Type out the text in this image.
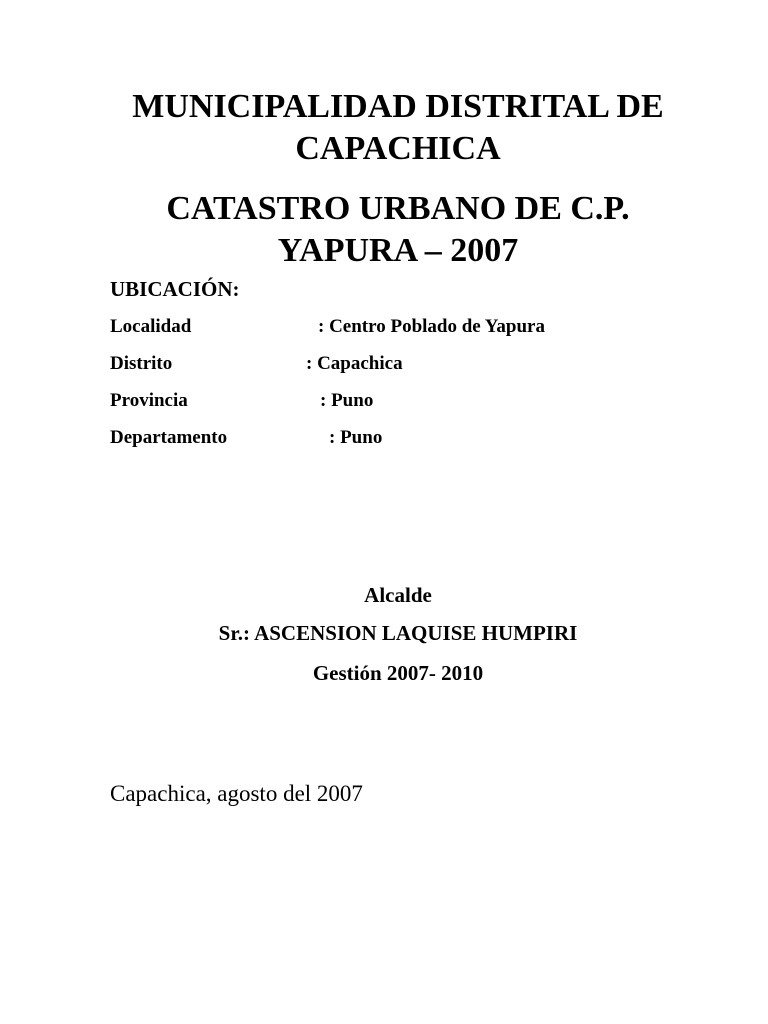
MUNICIPALIDAD DISTRITAL DE
CAPACHICA
CATASTRO URBANO DE C.P.
YAPURA – 2007
UBICACIÓN:
Localidad	: Centro Poblado de Yapura
Distrito	: Capachica
Provincia	: Puno
Departamento	: Puno
Alcalde
Sr.: ASCENSION LAQUISE HUMPIRI
Gestión 2007- 2010
Capachica, agosto del 2007
